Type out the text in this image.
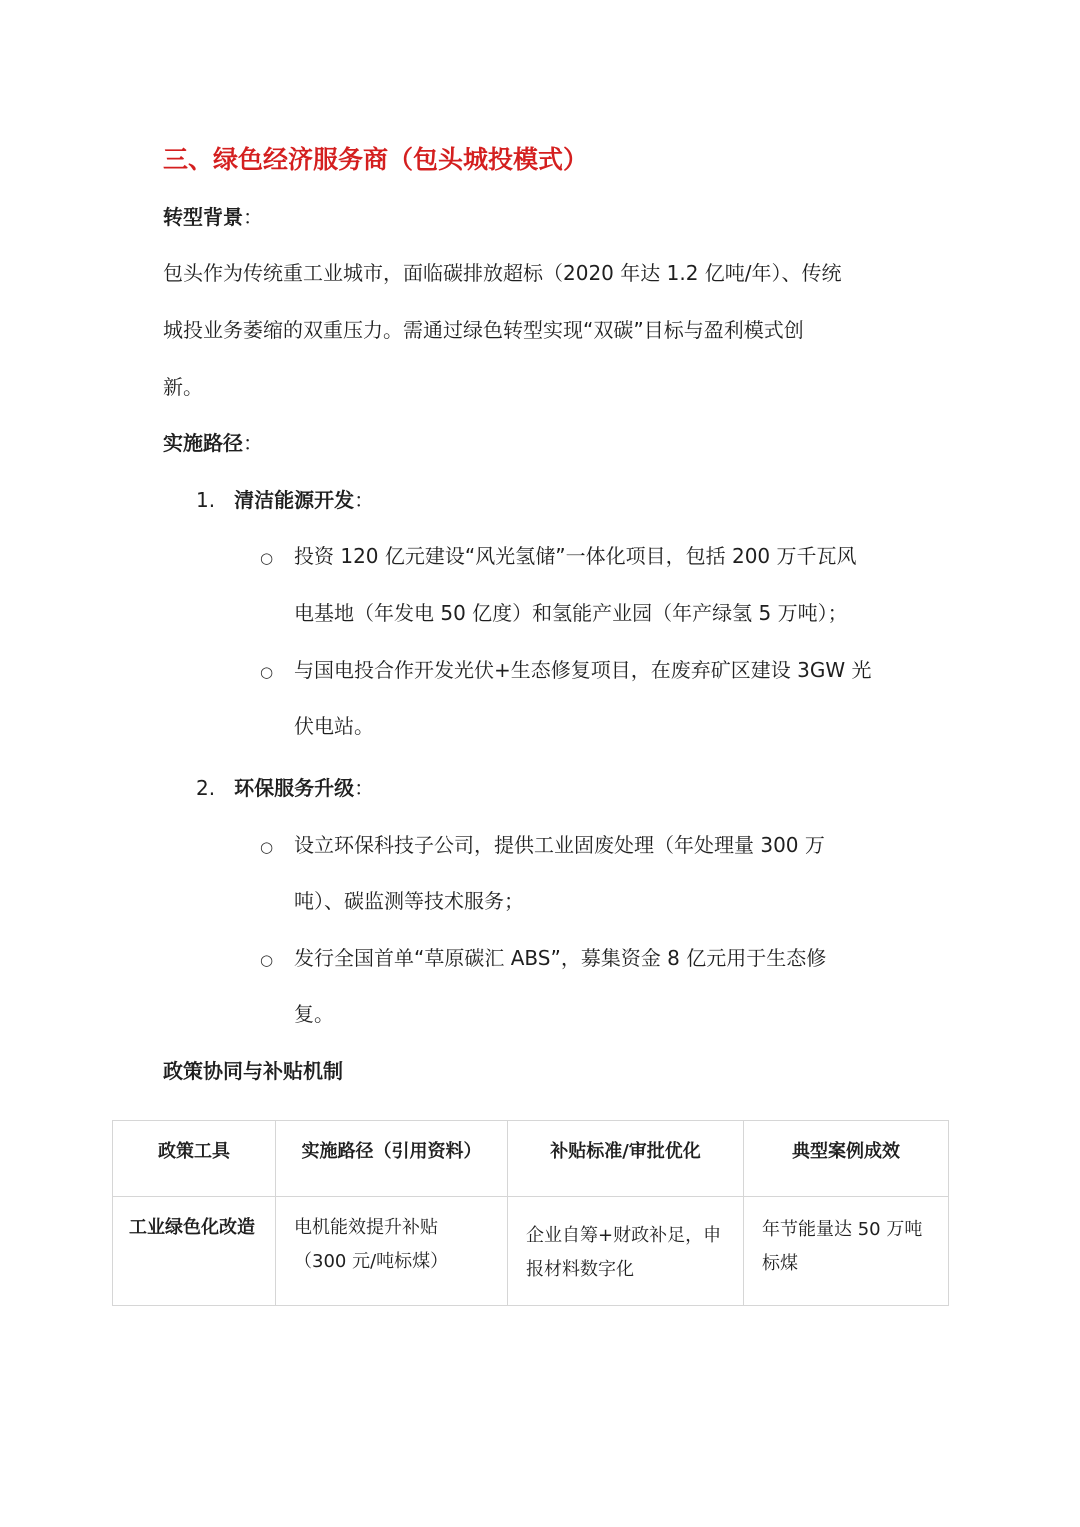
三、绿色经济服务商（包头城投模式）
转型背景：
包头作为传统重工业城市，面临碳排放超标（2020 年达 1.2 亿吨/年）、传统
城投业务萎缩的双重压力。需通过绿色转型实现“双碳”目标与盈利模式创
新。
实施路径：
1. 清洁能源开发：
○ 投资 120 亿元建设“风光氢储”一体化项目，包括 200 万千瓦风
电基地（年发电 50 亿度）和氢能产业园（年产绿氢 5 万吨）；
○ 与国电投合作开发光伏+生态修复项目，在废弃矿区建设 3GW 光
伏电站。
2. 环保服务升级：
○ 设立环保科技子公司，提供工业固废处理（年处理量 300 万
吨）、碳监测等技术服务；
○ 发行全国首单“草原碳汇 ABS”，募集资金 8 亿元用于生态修
复。
政策协同与补贴机制
政策工具	实施路径（引用资料）	补贴标准/审批优化	典型案例成效
工业绿色化改造	电机能效提升补贴（300 元/吨标煤）	企业自筹+财政补足，申报材料数字化	年节能量达 50 万吨标煤
